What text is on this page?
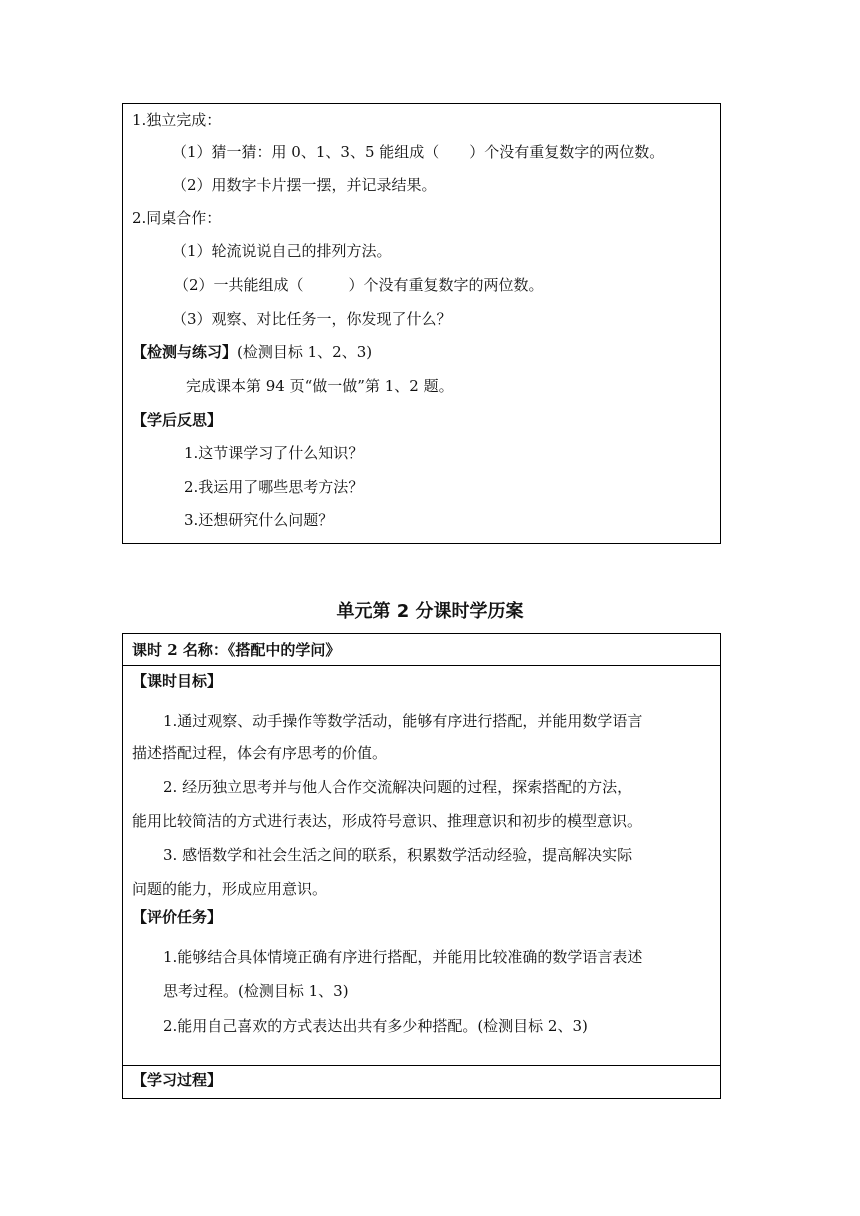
1.独立完成：
（1）猜一猜：用 0、1、3、5 能组成（　　）个没有重复数字的两位数。
（2）用数字卡片摆一摆，并记录结果。
2.同桌合作：
（1）轮流说说自己的排列方法。
（2）一共能组成（　　　）个没有重复数字的两位数。
（3）观察、对比任务一，你发现了什么？
【检测与练习】(检测目标 1、2、3)
完成课本第 94 页“做一做”第 1、2 题。
【学后反思】
1.这节课学习了什么知识？
2.我运用了哪些思考方法？
3.还想研究什么问题？
单元第 2 分课时学历案
课时 2 名称：《搭配中的学问》
【课时目标】
1.通过观察、动手操作等数学活动，能够有序进行搭配，并能用数学语言
描述搭配过程，体会有序思考的价值。
2. 经历独立思考并与他人合作交流解决问题的过程，探索搭配的方法，
能用比较简洁的方式进行表达，形成符号意识、推理意识和初步的模型意识。
3. 感悟数学和社会生活之间的联系，积累数学活动经验，提高解决实际
问题的能力，形成应用意识。
【评价任务】
1.能够结合具体情境正确有序进行搭配，并能用比较准确的数学语言表述
思考过程。(检测目标 1、3)
2.能用自己喜欢的方式表达出共有多少种搭配。(检测目标 2、3)
【学习过程】
